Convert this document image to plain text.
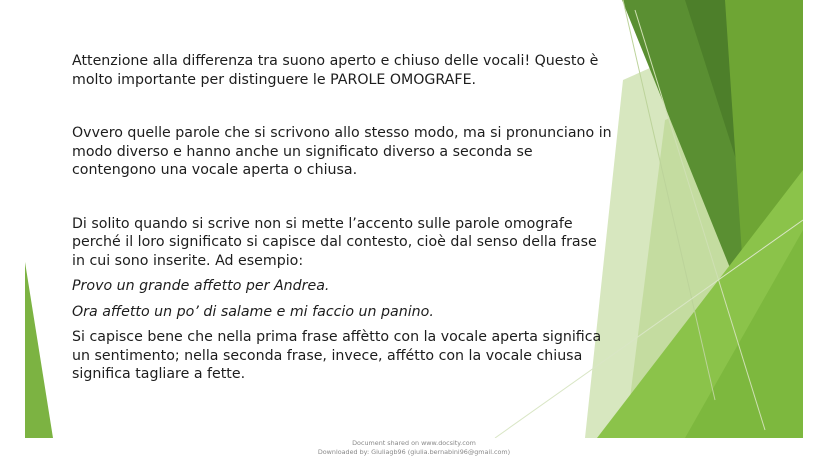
Attenzione alla differenza tra suono aperto e chiuso delle vocali! Questo è molto importante per distinguere le PAROLE OMOGRAFE.

Ovvero quelle parole che si scrivono allo stesso modo, ma si pronunciano in modo diverso e hanno anche un significato diverso a seconda se contengono una vocale aperta o chiusa.

Di solito quando si scrive non si mette l’accento sulle parole omografe perché il loro significato si capisce dal contesto, cioè dal senso della frase in cui sono inserite. Ad esempio:

Provo un grande affetto per Andrea.

Ora affetto un po’ di salame e mi faccio un panino.

Si capisce bene che nella prima frase affètto con la vocale aperta significa un sentimento; nella seconda frase, invece, affétto con la vocale chiusa significa tagliare a fette.

Document shared on www.docsity.com
Downloaded by: Giuliagb96 (giulia.bernabini96@gmail.com)
